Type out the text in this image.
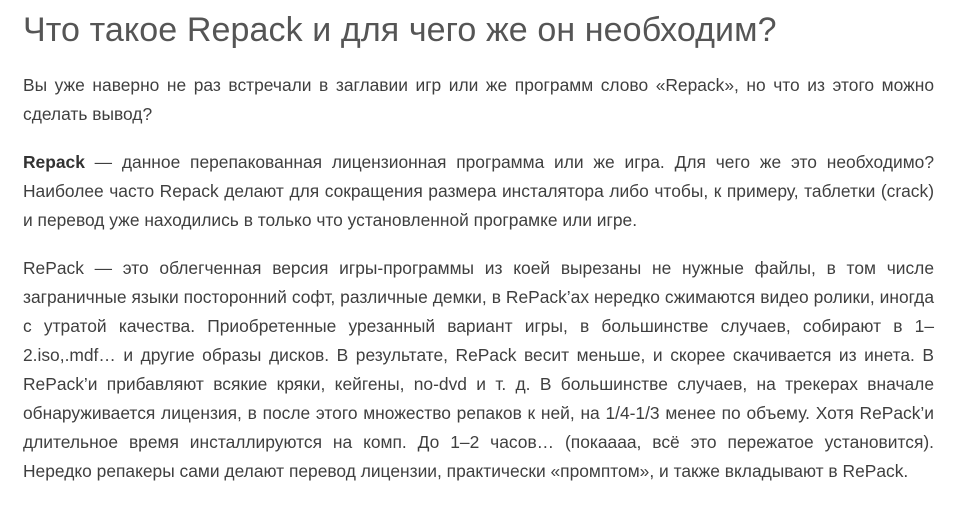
Что такое Repack и для чего же он необходим?

Вы уже наверно не раз встречали в заглавии игр или же программ слово «Repack», но что из этого можно сделать вывод?

Repack — данное перепакованная лицензионная программа или же игра. Для чего же это необходимо? Наиболее часто Repack делают для сокращения размера инсталятора либо чтобы, к примеру, таблетки (crack) и перевод уже находились в только что установленной програмке или игре.

RePack — это облегченная версия игры-программы из коей вырезаны не нужные файлы, в том числе заграничные языки посторонний софт, различные демки, в RePack’ах нередко сжимаются видео ролики, иногда с утратой качества. Приобретенные урезанный вариант игры, в большинстве случаев, собирают в 1–2.iso,.mdf… и другие образы дисков. В результате, RePack весит меньше, и скорее скачивается из инета. В RePack’и прибавляют всякие кряки, кейгены, no-dvd и т. д. В большинстве случаев, на трекерах вначале обнаруживается лицензия, в после этого множество репаков к ней, на 1/4-1/3 менее по объему. Хотя RePack’и длительное время инсталлируются на комп. До 1–2 часов… (покаааа, всё это пережатое установится). Нередко репакеры сами делают перевод лицензии, практически «промптом», и также вкладывают в RePack.
